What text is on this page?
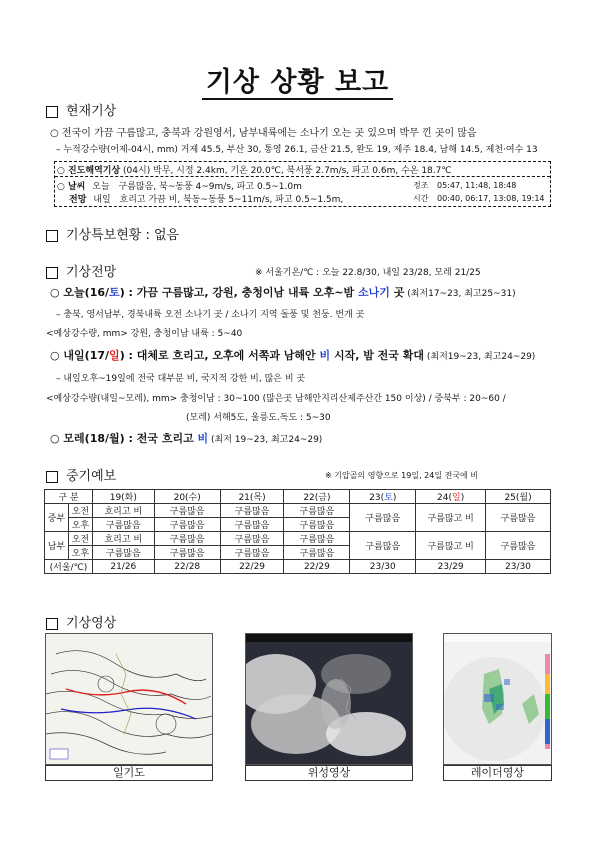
기상 상황 보고
현재기상
○ 전국이 가끔 구름많고, 충북과 강원영서, 남부내륙에는 소나기 오는 곳 있으며 박무 낀 곳이 많음
– 누적강수량(어제-04시, mm) 거제 45.5, 부산 30, 통영 26.1, 금산 21.5, 완도 19, 제주 18.4, 남해 14.5, 제천·여수 13
○ 진도해역기상 (04시) 박무, 시정 2.4km, 기온 20.0℃, 북서풍 2.7m/s, 파고 0.6m, 수온 18.7℃
○ 날씨 오늘 구름많음, 북~동풍 4~9m/s, 파고 0.5~1.0m	정조 05:47, 11:48, 18:48
전망 내일 흐리고 가끔 비, 북동~동풍 5~11m/s, 파고 0.5~1.5m,	시간 00:40, 06:17, 13:08, 19:14
기상특보현황 : 없음
기상전망	※ 서울기온/℃ : 오늘 22.8/30, 내일 23/28, 모레 21/25
○ 오늘(16/토) : 가끔 구름많고, 강원, 충청이남 내륙 오후~밤 소나기 곳 (최저17~23, 최고25~31)
– 충북, 영서남부, 경북내륙 오전 소나기 곳 / 소나기 지역 돌풍 및 천둥. 번개 곳
<예상강수량, mm> 강원, 충청이남 내륙 : 5~40
○ 내일(17/일) : 대체로 흐리고, 오후에 서쪽과 남해안 비 시작, 밤 전국 확대 (최저19~23, 최고24~29)
– 내일오후~19일에 전국 대부분 비, 국지적 강한 비, 많은 비 곳
<예상강수량(내일~모레), mm> 충청이남 : 30~100 (많은곳 남해안지리산제주산간 150 이상) / 중북부 : 20~60 /
(모레) 서해5도, 울릉도.독도 : 5~30
○ 모레(18/월) : 전국 흐리고 비 (최저 19~23, 최고24~29)
중기예보	※ 기압골의 영향으로 19일, 24일 전국에 비
구 분		19(화)	20(수)	21(목)	22(금)	23(토)	24(일)	25(월)
중부	오전	흐리고 비	구름많음	구름많음	구름많음	구름많음	구름많고 비	구름많음
	오후	구름많음	구름많음	구름많음	구름많음			
남부	오전	흐리고 비	구름많음	구름많음	구름많음	구름많음	구름많고 비	구름많음
	오후	구름많음	구름많음	구름많음	구름많음			
(서울/℃)		21/26	22/28	22/29	22/29	23/30	23/29	23/30
기상영상
일기도	위성영상	레이더영상
